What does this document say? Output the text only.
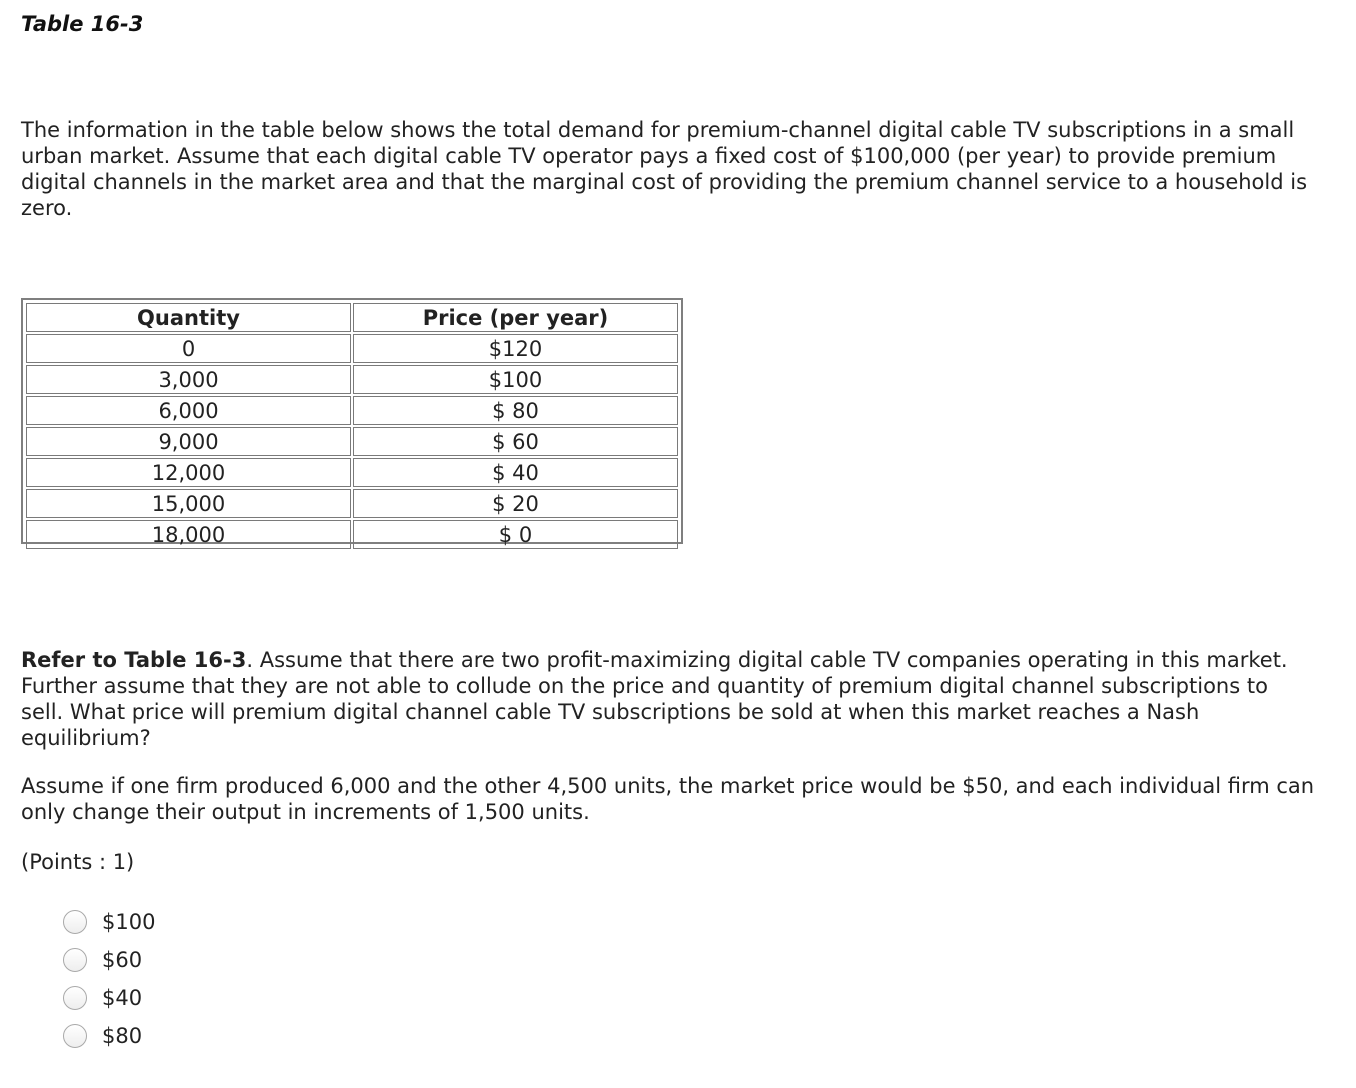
Table 16-3

The information in the table below shows the total demand for premium-channel digital cable TV subscriptions in a small urban market. Assume that each digital cable TV operator pays a fixed cost of $100,000 (per year) to provide premium digital channels in the market area and that the marginal cost of providing the premium channel service to a household is zero.

Quantity	Price (per year)
0	$120
3,000	$100
6,000	$ 80
9,000	$ 60
12,000	$ 40
15,000	$ 20
18,000	$ 0

Refer to Table 16-3. Assume that there are two profit-maximizing digital cable TV companies operating in this market. Further assume that they are not able to collude on the price and quantity of premium digital channel subscriptions to sell. What price will premium digital channel cable TV subscriptions be sold at when this market reaches a Nash equilibrium?

Assume if one firm produced 6,000 and the other 4,500 units, the market price would be $50, and each individual firm can only change their output in increments of 1,500 units.

(Points : 1)

$100
$60
$40
$80
